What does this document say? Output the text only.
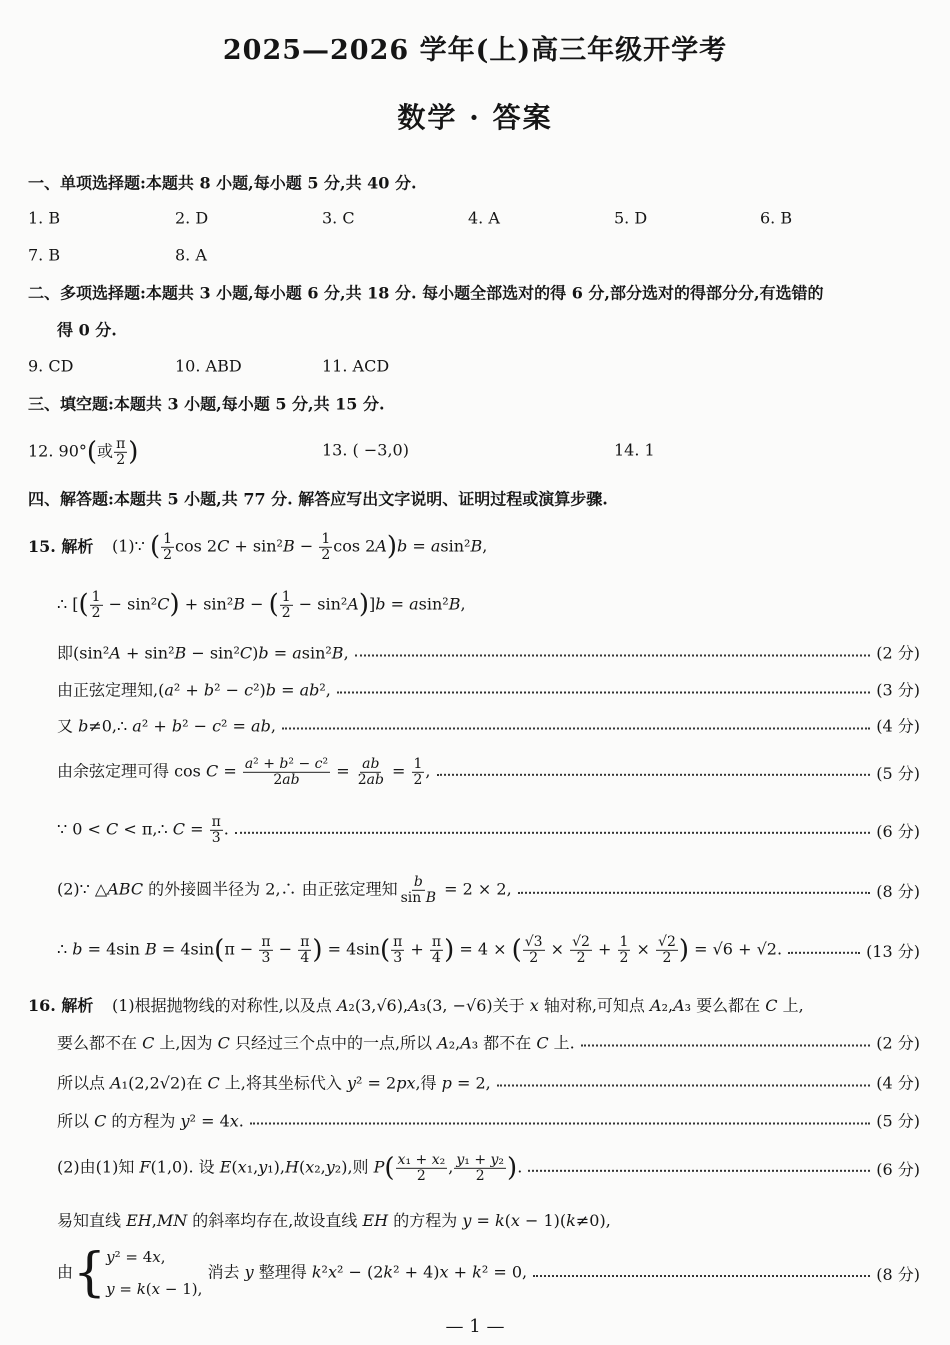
2025—2026 学年(上)高三年级开学考
数学 · 答案
一、单项选择题:本题共 8 小题,每小题 5 分,共 40 分.
1. B	2. D	3. C	4. A	5. D	6. B
7. B	8. A
二、多项选择题:本题共 3 小题,每小题 6 分,共 18 分. 每小题全部选对的得 6 分,部分选对的得部分分,有选错的
得 0 分.
9. CD	10. ABD	11. ACD
三、填空题:本题共 3 小题,每小题 5 分,共 15 分.
12. 90°(或 $\frac{\pi}{2}$ )	13. ( −3,0)	14. 1
四、解答题:本题共 5 小题,共 77 分. 解答应写出文字说明、证明过程或演算步骤.
15. 解析 (1)∵ ( $\frac{1}{2}$ $\cos 2C + \sin^2B - \frac{1}{2}$ cos 2A)b = asin²B,
∴ [( $\frac{1}{2} - \sin^2C) + \sin^2B$ − ( $\frac{1}{2} - \sin^2A)]b = asin^2B$,
即(sin²A + sin²B − sin²C)b = asin²B,	(2 分)
由正弦定理知,(a² + b² − c²)b = ab²,	(3 分)
又 b≠0,∴ a² + b² − c² = ab,	(4 分)
由余弦定理可得 $\cos C = \frac{\text{a² + b² − c²}}{2ab} = \frac{ab}{2ab} = \frac{1}{2}$ ,	(5 分)
∵ 0 < C < π,∴ $C = \frac{\pi}{3}$ .	(6 分)
(2)∵ △ABC 的外接圆半径为 2,∴ 由正弦定理知 $\frac{b}{\text{sin B}} = 2 \times 2$,	(8 分)
∴ b = 4sin $B = 4\sin(\pi - \frac{\pi}{3} - \frac{\pi}{4}$ ) = $4\sin( \frac{\pi}{3} + \frac{\pi}{4}$ ) = 4 × ( $\frac{√3}{2} \times \frac{√2}{2} + \frac{1}{2} \times \frac{√2}{2}$ ) = √6 + √2.	(13 分)
16. 解析 (1)根据抛物线的对称性,以及点 A₂(3,√6),A₃(3, −√6)关于 x 轴对称,可知点 A₂,A₃ 要么都在 C 上,
要么都不在 C 上,因为 C 只经过三个点中的一点,所以 A₂,A₃ 都不在 C 上.	(2 分)
所以点 A₁(2,2√2)在 C 上,将其坐标代入 y² = 2px,得 p = 2,	(4 分)
所以 C 的方程为 y² = 4x.	(5 分)
(2)由(1)知 F(1,0). 设 E(x₁,y₁),H(x₂,y₂),则 $P( \frac{\text{x₁ + x₂}}{2}$ , $\frac{\text{y₁ + y₂}}{2}$ ).	(6 分)
易知直线 EH,MN 的斜率均存在,故设直线 EH 的方程为 y = k(x − 1)(k≠0),
由 { y² = 4x,
y = k(x − 1),
消去 y 整理得 k²x² − (2k² + 4)x + k² = 0,	(8 分)
— 1 —
